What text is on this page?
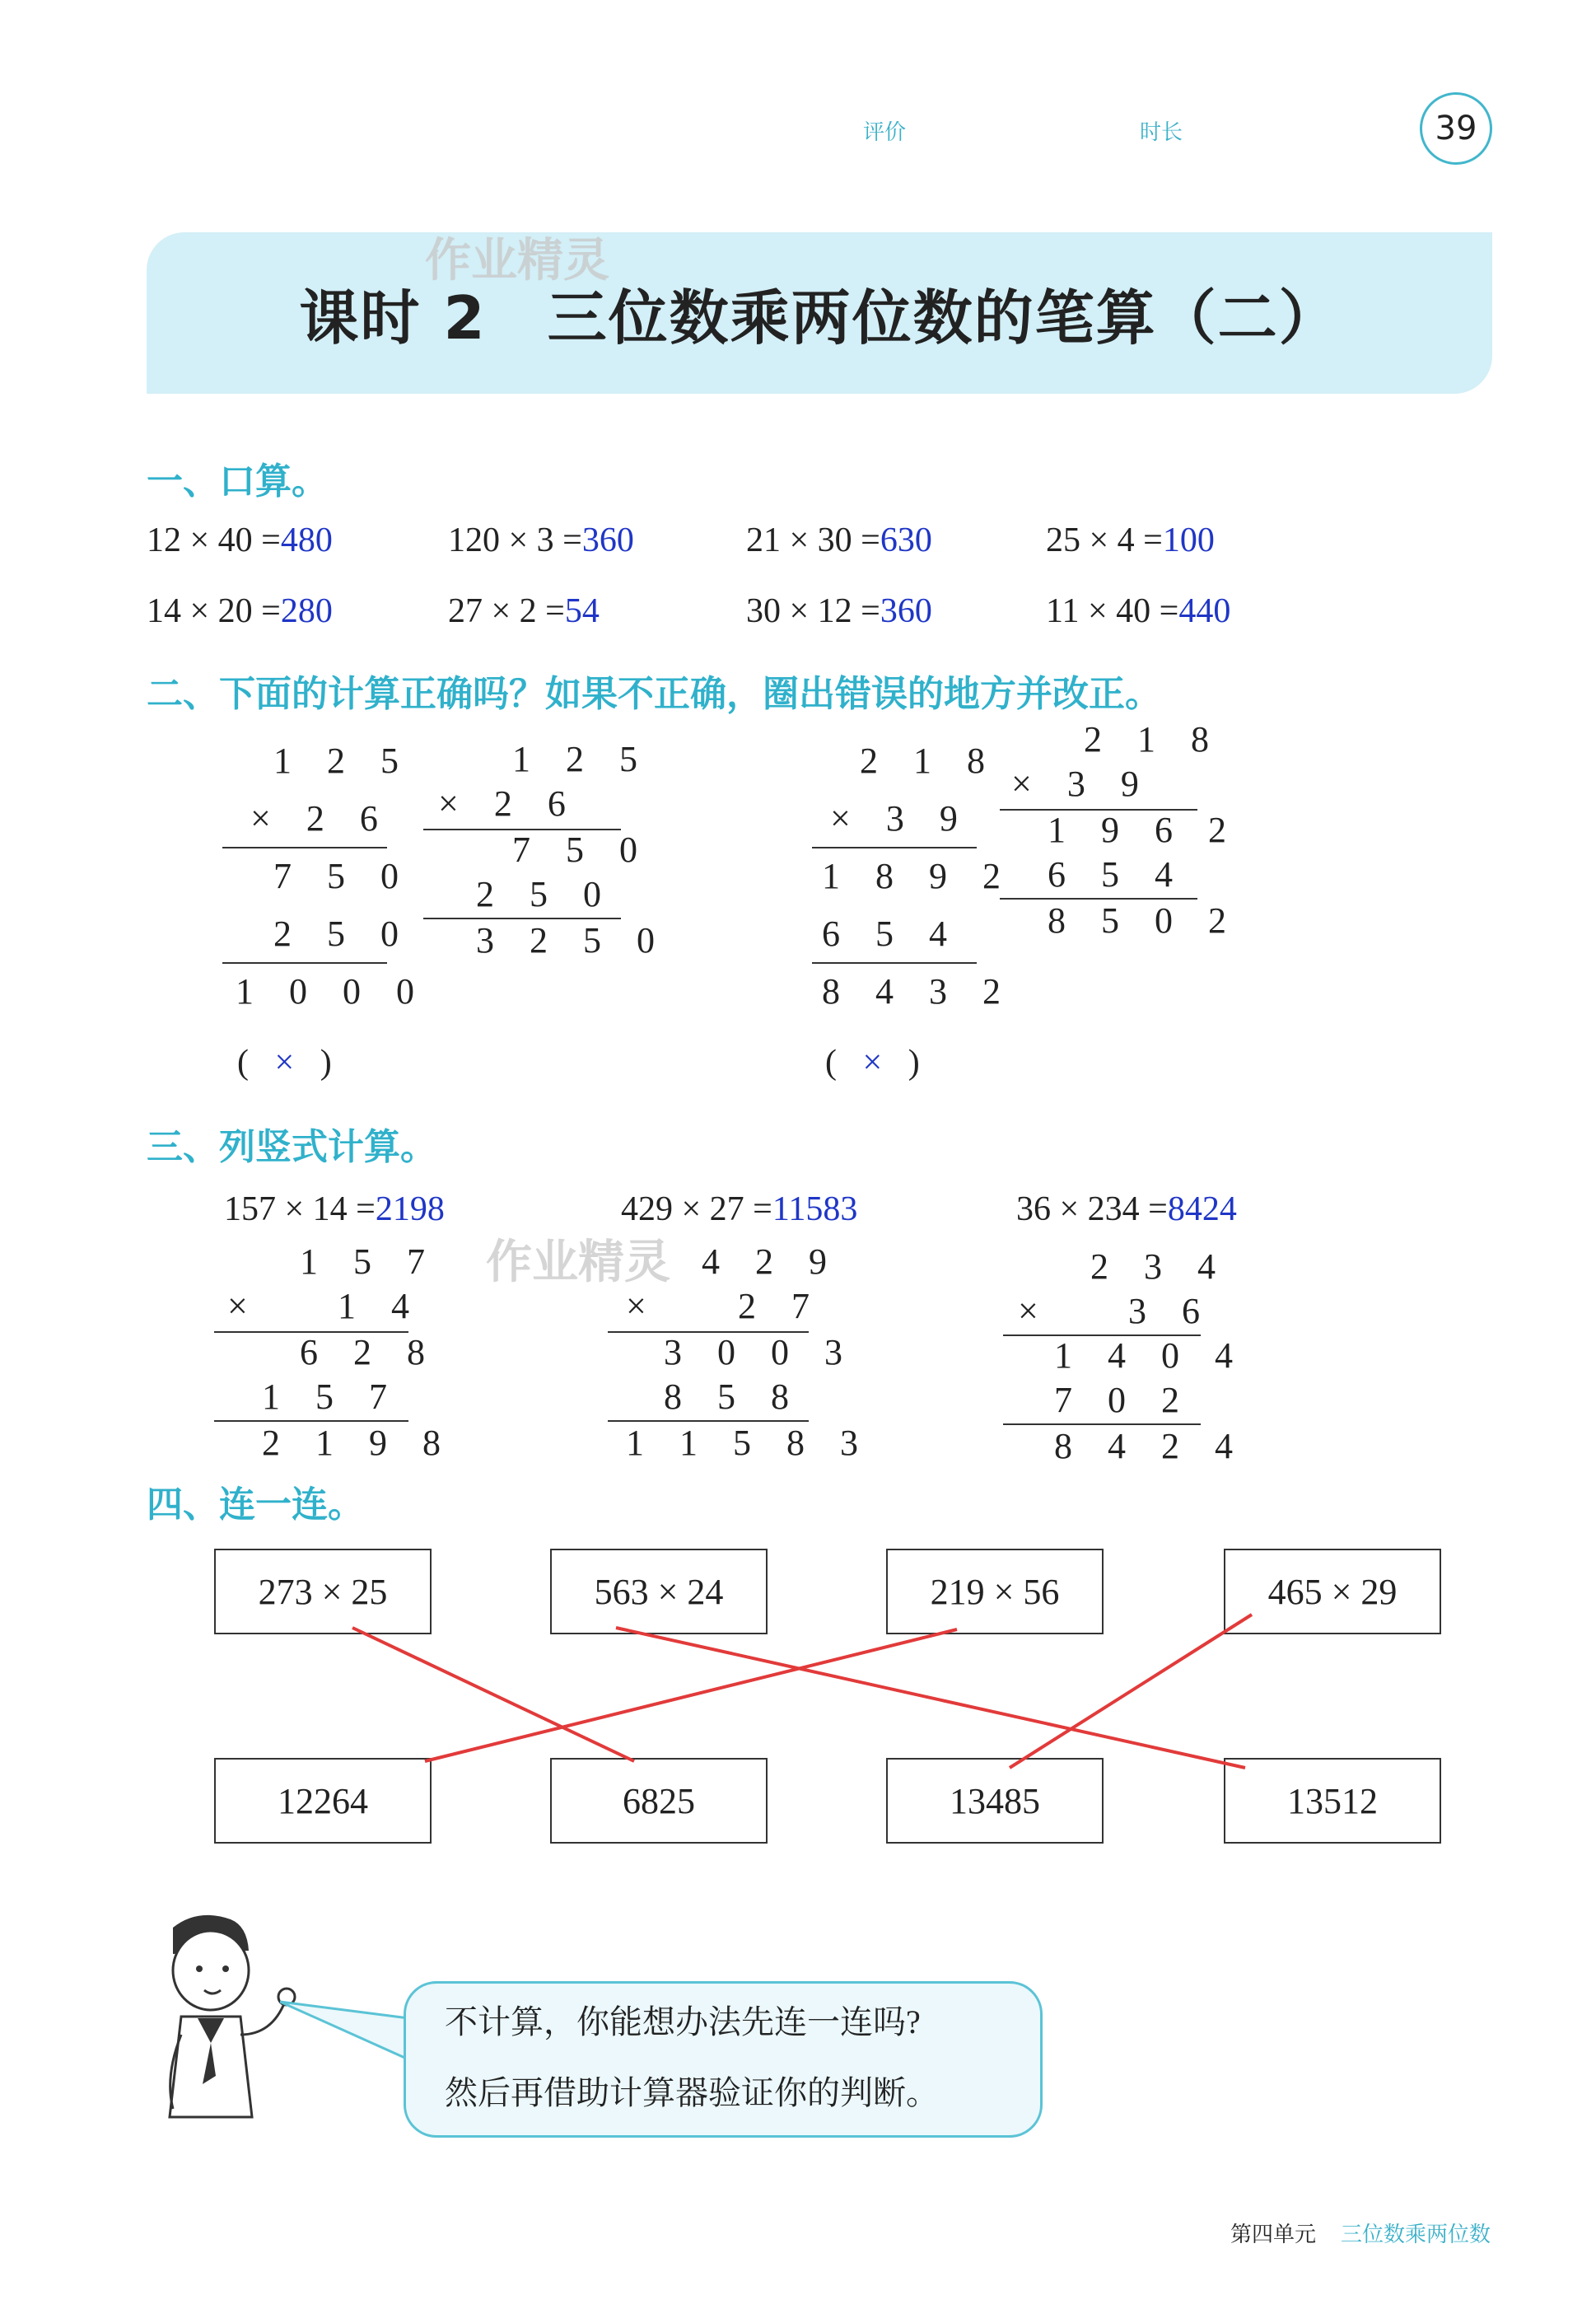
评价	时长	39
作业精灵
课时 2　三位数乘两位数的笔算（二）
一、口算。
12 × 40 =480	120 × 3 =360	21 × 30 =630	25 × 4 =100
14 × 20 =280	27 × 2 =54	30 × 12 =360	11 × 40 =440
二、下面的计算正确吗？如果不正确，圈出错误的地方并改正。
1 2 5
× 2 6
7 5 0
2 5 0
1 0 0 0
1 2 5
× 2 6
7 5 0
2 5 0
3 2 5 0
(   ×   )
2 1 8
× 3 9
1 8 9 2
6 5 4
8 4 3 2
2 1 8
× 3 9
1 9 6 2
6 5 4
8 5 0 2
(   ×   )
三、列竖式计算。
157 × 14 =2198
1 5 7
× 1 4
6 2 8
1 5 7
2 1 9 8
429 × 27 =11583
作业精灵 4 2 9
× 2 7
3 0 0 3
8 5 8
1 1 5 8 3
36 × 234 =8424
2 3 4
× 3 6
1 4 0 4
7 0 2
8 4 2 4
四、连一连。
273 × 25	563 × 24	219 × 56	465 × 29
12264	6825	13485	13512
不计算，你能想办法先连一连吗?
然后再借助计算器验证你的判断。
第四单元 三位数乘两位数
